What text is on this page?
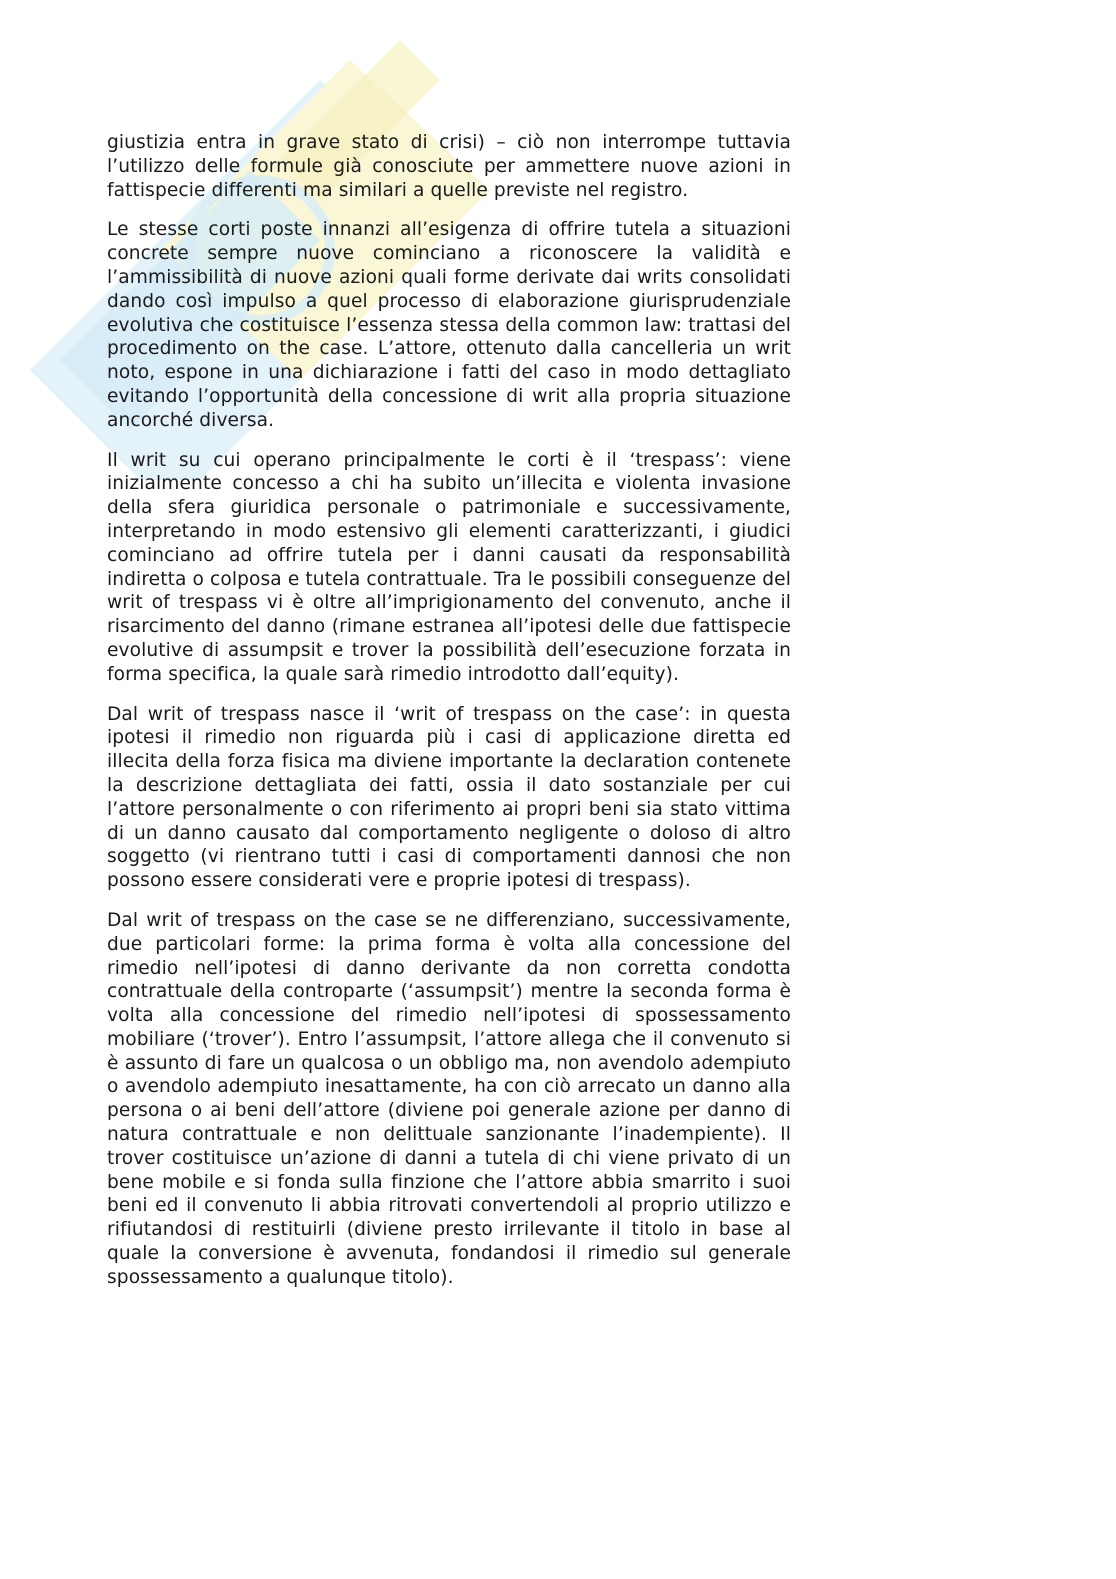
giustizia entra in grave stato di crisi) – ciò non interrompe tuttavia l’utilizzo delle formule già conosciute per ammettere nuove azioni in fattispecie differenti ma similari a quelle previste nel registro.

Le stesse corti poste innanzi all’esigenza di offrire tutela a situazioni concrete sempre nuove cominciano a riconoscere la validità e l’ammissibilità di nuove azioni quali forme derivate dai writs consolidati dando così impulso a quel processo di elaborazione giurisprudenziale evolutiva che costituisce l’essenza stessa della common law: trattasi del procedimento on the case. L’attore, ottenuto dalla cancelleria un writ noto, espone in una dichiarazione i fatti del caso in modo dettagliato evitando l’opportunità della concessione di writ alla propria situazione ancorché diversa.

Il writ su cui operano principalmente le corti è il ‘trespass’: viene inizialmente concesso a chi ha subito un’illecita e violenta invasione della sfera giuridica personale o patrimoniale e successivamente, interpretando in modo estensivo gli elementi caratterizzanti, i giudici cominciano ad offrire tutela per i danni causati da responsabilità indiretta o colposa e tutela contrattuale. Tra le possibili conseguenze del writ of trespass vi è oltre all’imprigionamento del convenuto, anche il risarcimento del danno (rimane estranea all’ipotesi delle due fattispecie evolutive di assumpsit e trover la possibilità dell’esecuzione forzata in forma specifica, la quale sarà rimedio introdotto dall’equity).

Dal writ of trespass nasce il ‘writ of trespass on the case’: in questa ipotesi il rimedio non riguarda più i casi di applicazione diretta ed illecita della forza fisica ma diviene importante la declaration contenete la descrizione dettagliata dei fatti, ossia il dato sostanziale per cui l’attore personalmente o con riferimento ai propri beni sia stato vittima di un danno causato dal comportamento negligente o doloso di altro soggetto (vi rientrano tutti i casi di comportamenti dannosi che non possono essere considerati vere e proprie ipotesi di trespass).

Dal writ of trespass on the case se ne differenziano, successivamente, due particolari forme: la prima forma è volta alla concessione del rimedio nell’ipotesi di danno derivante da non corretta condotta contrattuale della controparte (‘assumpsit’) mentre la seconda forma è volta alla concessione del rimedio nell’ipotesi di spossessamento mobiliare (‘trover’). Entro l’assumpsit, l’attore allega che il convenuto si è assunto di fare un qualcosa o un obbligo ma, non avendolo adempiuto o avendolo adempiuto inesattamente, ha con ciò arrecato un danno alla persona o ai beni dell’attore (diviene poi generale azione per danno di natura contrattuale e non delittuale sanzionante l’inadempiente). Il trover costituisce un’azione di danni a tutela di chi viene privato di un bene mobile e si fonda sulla finzione che l’attore abbia smarrito i suoi beni ed il convenuto li abbia ritrovati convertendoli al proprio utilizzo e rifiutandosi di restituirli (diviene presto irrilevante il titolo in base al quale la conversione è avvenuta, fondandosi il rimedio sul generale spossessamento a qualunque titolo).
